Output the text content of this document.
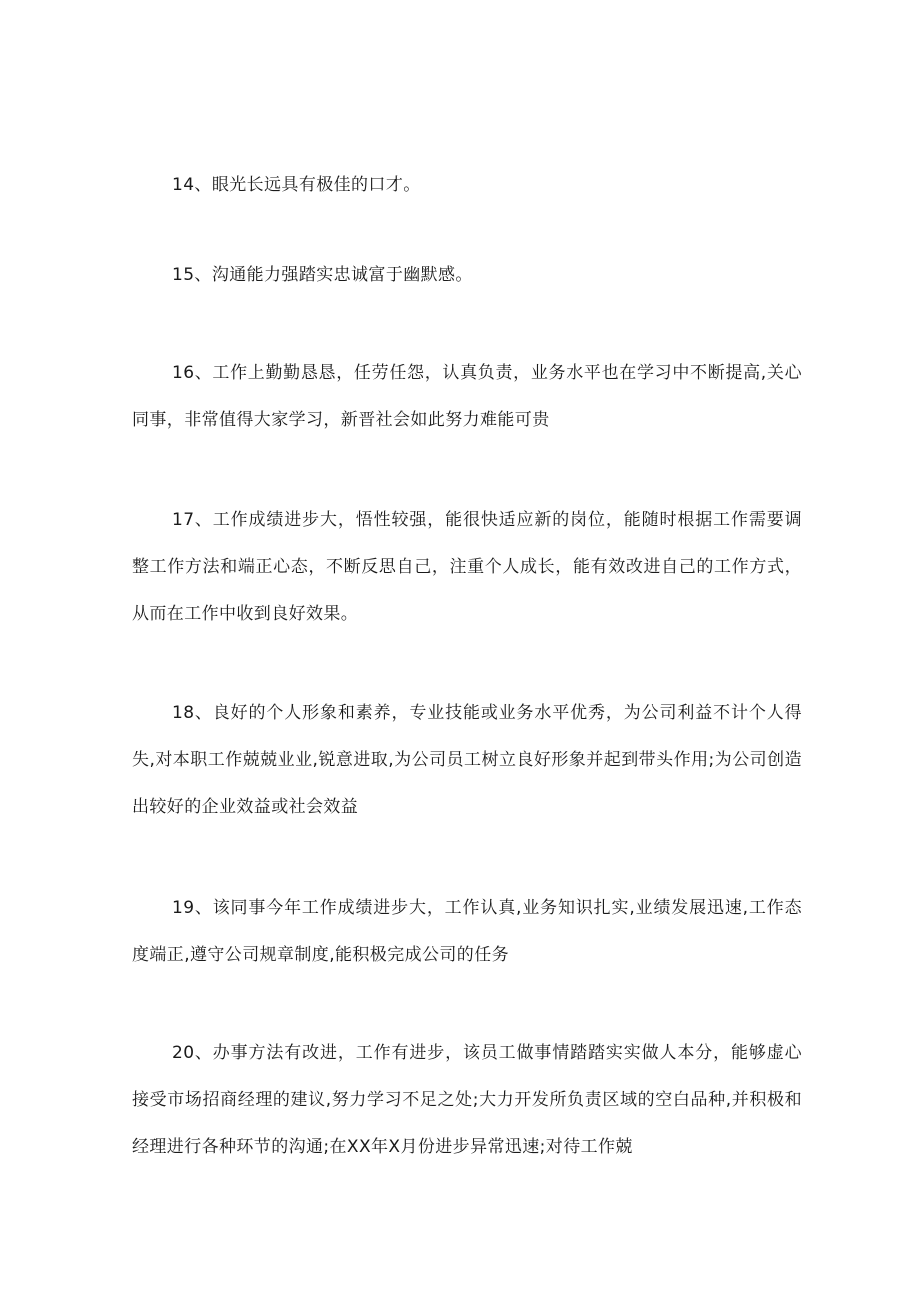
14、眼光长远具有极佳的口才。

15、沟通能力强踏实忠诚富于幽默感。

16、工作上勤勤恳恳，任劳任怨，认真负责，业务水平也在学习中不断提高,关心同事，非常值得大家学习，新晋社会如此努力难能可贵

17、工作成绩进步大，悟性较强，能很快适应新的岗位，能随时根据工作需要调整工作方法和端正心态，不断反思自己，注重个人成长，能有效改进自己的工作方式，从而在工作中收到良好效果。

18、良好的个人形象和素养，专业技能或业务水平优秀，为公司利益不计个人得失,对本职工作兢兢业业,锐意进取,为公司员工树立良好形象并起到带头作用;为公司创造出较好的企业效益或社会效益

19、该同事今年工作成绩进步大，工作认真,业务知识扎实,业绩发展迅速,工作态度端正,遵守公司规章制度,能积极完成公司的任务

20、办事方法有改进，工作有进步，该员工做事情踏踏实实做人本分，能够虚心接受市场招商经理的建议,努力学习不足之处;大力开发所负责区域的空白品种,并积极和经理进行各种环节的沟通;在XX年X月份进步异常迅速;对待工作兢
